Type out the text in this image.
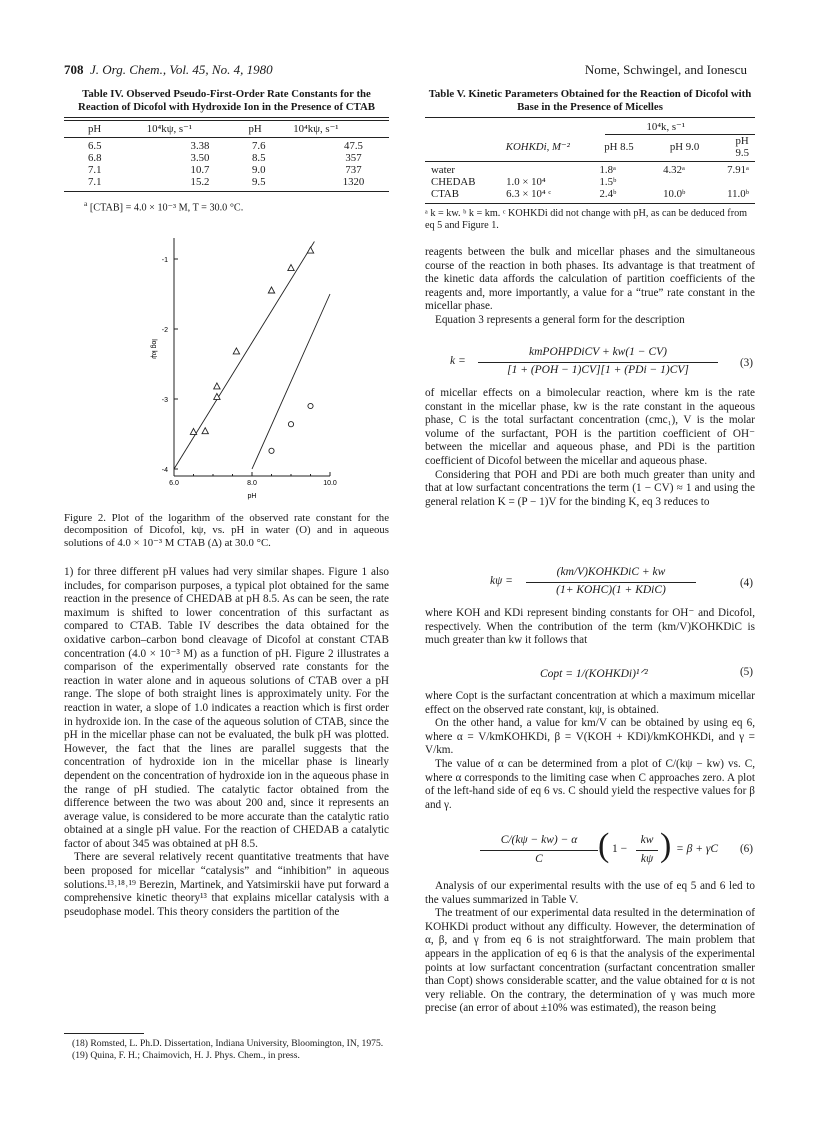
708 J. Org. Chem., Vol. 45, No. 4, 1980	Nome, Schwingel, and Ionescu
Table IV. Observed Pseudo-First-Order Rate Constants for the Reaction of Dicofol with Hydroxide Ion in the Presence of CTAB
pH	10⁴kψ, s⁻¹	pH	10⁴kψ, s⁻¹
6.5	3.38	7.6	47.5
6.8	3.50	8.5	357
7.1	10.7	9.0	737
7.1	15.2	9.5	1320
$^a$ [CTAB] = 4.0 × 10⁻³ M, T = 30.0 °C.
-1
-2
-3
-4
6.0	8.0	10.0
pH
log kψ
Figure 2. Plot of the logarithm of the observed rate constant for the decomposition of Dicofol, kψ, vs. pH in water (O) and in aqueous solutions of 4.0 × 10⁻³ M CTAB (Δ) at 30.0 °C.

1) for three different pH values had very similar shapes. Figure 1 also includes, for comparison purposes, a typical plot obtained for the same reaction in the presence of CHEDAB at pH 8.5. As can be seen, the rate maximum is shifted to lower concentration of this surfactant as compared to CTAB. Table IV describes the data obtained for the oxidative carbon–carbon bond cleavage of Dicofol at constant CTAB concentration (4.0 × 10⁻³ M) as a function of pH. Figure 2 illustrates a comparison of the experimentally observed rate constants for the reaction in water alone and in aqueous solutions of CTAB over a pH range. The slope of both straight lines is approximately unity. For the reaction in water, a slope of 1.0 indicates a reaction which is first order in hydroxide ion. In the case of the aqueous solution of CTAB, since the pH in the micellar phase can not be evaluated, the bulk pH was plotted. However, the fact that the lines are parallel suggests that the concentration of hydroxide ion in the micellar phase is linearly dependent on the concentration of hydroxide ion in the aqueous phase in the range of pH studied. The catalytic factor obtained from the difference between the two was about 200 and, since it represents an average value, is considered to be more accurate than the catalytic ratio obtained at a single pH value. For the reaction of CHEDAB a catalytic factor of about 345 was obtained at pH 8.5.

There are several relatively recent quantitative treatments that have been proposed for micellar “catalysis” and “inhibition” in aqueous solutions.¹³˒¹⁸˒¹⁹ Berezin, Martinek, and Yatsimirskii have put forward a comprehensive kinetic theory¹³ that explains micellar catalysis with a pseudophase model. This theory considers the partition of the

(18) Romsted, L. Ph.D. Dissertation, Indiana University, Bloomington, IN, 1975.
(19) Quina, F. H.; Chaimovich, H. J. Phys. Chem., in press.
Table V. Kinetic Parameters Obtained for the Reaction of Dicofol with Base in the Presence of Micelles
10⁴k, s⁻¹
	KOHKDi, M⁻²	pH 8.5	pH 9.0	pH 9.5
water		1.8ᵃ	4.32ᵃ	7.91ᵃ
CHEDAB	1.0 × 10⁴	1.5ᵇ		
CTAB	6.3 × 10⁴ ᶜ	2.4ᵇ	10.0ᵇ	11.0ᵇ
ᵃ k = kw. ᵇ k = km. ᶜ KOHKDi did not change with pH, as can be deduced from eq 5 and Figure 1.

reagents between the bulk and micellar phases and the simultaneous course of the reaction in both phases. Its advantage is that treatment of the kinetic data affords the calculation of partition coefficients of the reagents and, more importantly, a value for a “true” rate constant in the micellar phase.

Equation 3 represents a general form for the description

k =
kmPOHPDiCV + kw(1 − CV)
[1 + (POH − 1)CV][1 + (PDi − 1)CV]
(3)

of micellar effects on a bimolecular reaction, where km is the rate constant in the micellar phase, kw is the rate constant in the aqueous phase, C is the total surfactant concentration (cmc₁), V is the molar volume of the surfactant, POH is the partition coefficient of OH⁻ between the micellar and aqueous phase, and PDi is the partition coefficient of Dicofol between the micellar and aqueous phase.

Considering that POH and PDi are both much greater than unity and that at low surfactant concentrations the term (1 − CV) ≈ 1 and using the general relation K = (P − 1)V for the binding K, eq 3 reduces to

kψ =
(km/V)KOHKDiC + kw
(1+ KOHC)(1 + KDiC)
(4)

where KOH and KDi represent binding constants for OH⁻ and Dicofol, respectively. When the contribution of the term (km/V)KOHKDiC is much greater than kw it follows that

Copt = 1/(KOHKDi)¹ᐟ²	(5)

where Copt is the surfactant concentration at which a maximum micellar effect on the observed rate constant, kψ, is obtained.

On the other hand, a value for km/V can be obtained by using eq 6, where α = V/kmKOHKDi, β = V(KOH + KDi)/kmKOHKDi, and γ = V/km.

The value of α can be determined from a plot of C/(kψ − kw) vs. C, where α corresponds to the limiting case when C approaches zero. A plot of the left-hand side of eq 6 vs. C should yield the respective values for β and γ.

C/(kψ − kw) − α
C	( 1 −
kw
kψ ) = β + γC (6)

Analysis of our experimental results with the use of eq 5 and 6 led to the values summarized in Table V.

The treatment of our experimental data resulted in the determination of KOHKDi product without any difficulty. However, the determination of α, β, and γ from eq 6 is not straightforward. The main problem that appears in the application of eq 6 is that the analysis of the experimental points at low surfactant concentration (surfactant concentration smaller than Copt) shows considerable scatter, and the value obtained for α is not very reliable. On the contrary, the determination of γ was much more precise (an error of about ±10% was estimated), the reason being
